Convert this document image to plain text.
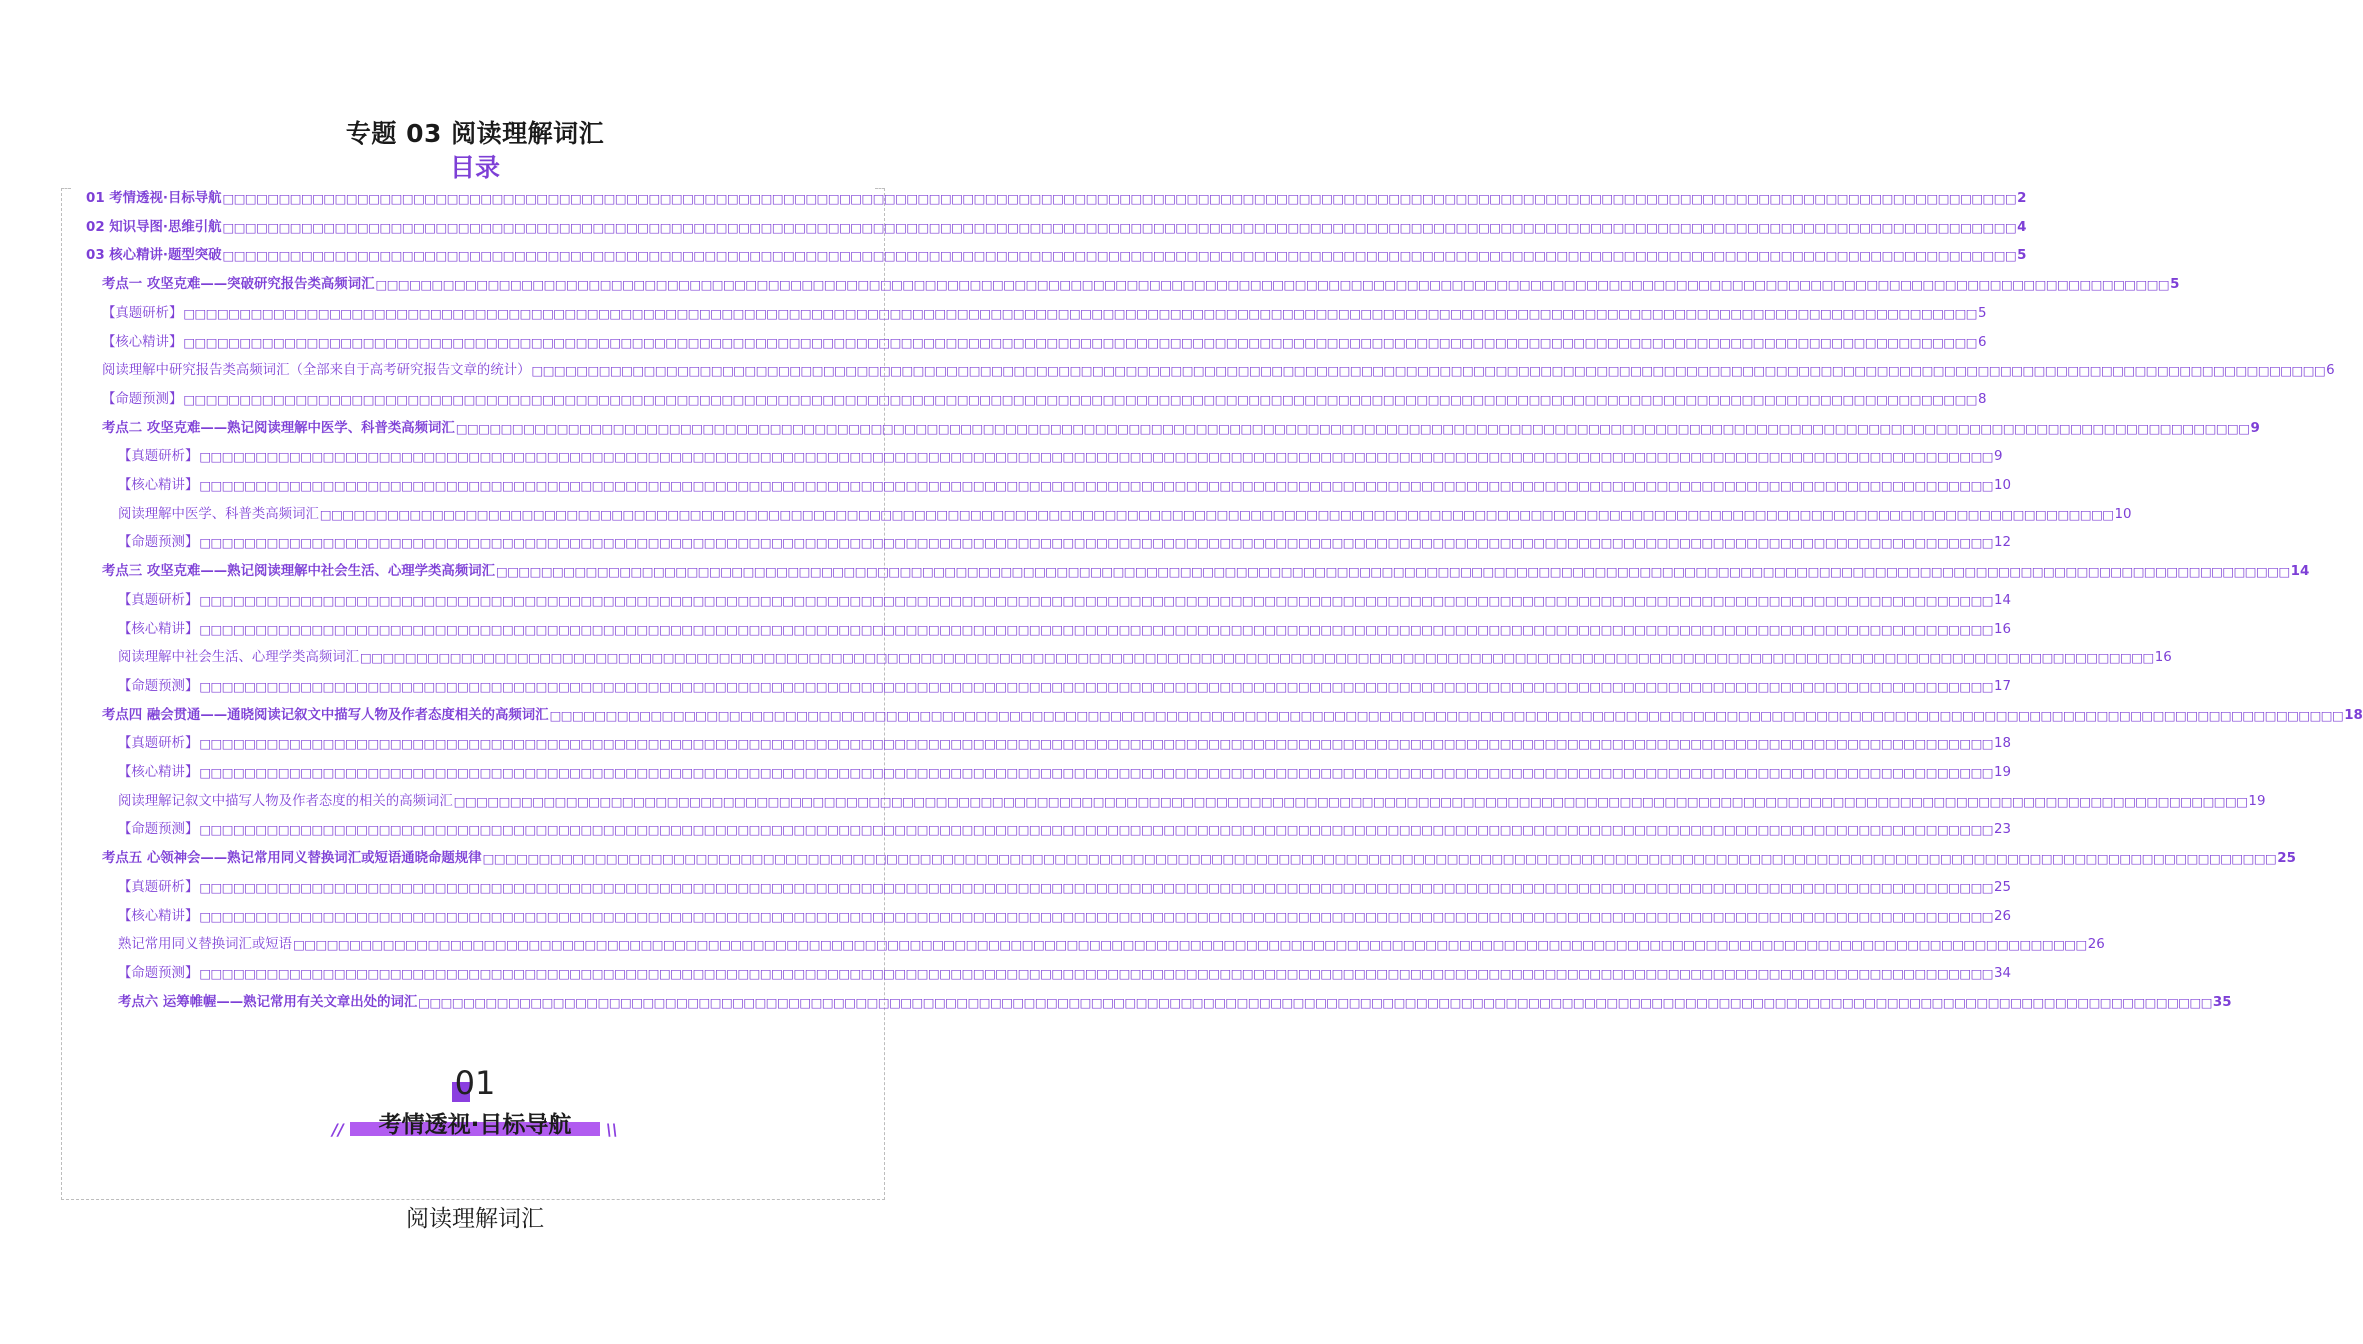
专题 03 阅读理解词汇
目录
01 考情透视·目标导航 □□□□□□□□□□□□□□□□□□□□□□□□□□□□□□□□□□□□□□□□□□□□□□□□□□□□□□□□□□□□□□□□□□□□□□□□□□□□□□□□□□□□□□□□□□□□□□□□□□□□□□□□□□□□□□□□□□□□□□□□□□□□□□□□□□□□□□□□□□□□□□□□□□□□□□□□□□□□□□□□ 2
02 知识导图·思维引航 □□□□□□□□□□□□□□□□□□□□□□□□□□□□□□□□□□□□□□□□□□□□□□□□□□□□□□□□□□□□□□□□□□□□□□□□□□□□□□□□□□□□□□□□□□□□□□□□□□□□□□□□□□□□□□□□□□□□□□□□□□□□□□□□□□□□□□□□□□□□□□□□□□□□□□□□□□□□□□□□ 4
03 核心精讲·题型突破 □□□□□□□□□□□□□□□□□□□□□□□□□□□□□□□□□□□□□□□□□□□□□□□□□□□□□□□□□□□□□□□□□□□□□□□□□□□□□□□□□□□□□□□□□□□□□□□□□□□□□□□□□□□□□□□□□□□□□□□□□□□□□□□□□□□□□□□□□□□□□□□□□□□□□□□□□□□□□□□□ 5
考点一 攻坚克难——突破研究报告类高频词汇 □□□□□□□□□□□□□□□□□□□□□□□□□□□□□□□□□□□□□□□□□□□□□□□□□□□□□□□□□□□□□□□□□□□□□□□□□□□□□□□□□□□□□□□□□□□□□□□□□□□□□□□□□□□□□□□□□□□□□□□□□□□□□□□□□□□□□□□□□□□□□□□□□□□□□□□□□□□□□□□□ 5
【真题研析】 □□□□□□□□□□□□□□□□□□□□□□□□□□□□□□□□□□□□□□□□□□□□□□□□□□□□□□□□□□□□□□□□□□□□□□□□□□□□□□□□□□□□□□□□□□□□□□□□□□□□□□□□□□□□□□□□□□□□□□□□□□□□□□□□□□□□□□□□□□□□□□□□□□□□□□□□□□□□□□□□ 5
【核心精讲】 □□□□□□□□□□□□□□□□□□□□□□□□□□□□□□□□□□□□□□□□□□□□□□□□□□□□□□□□□□□□□□□□□□□□□□□□□□□□□□□□□□□□□□□□□□□□□□□□□□□□□□□□□□□□□□□□□□□□□□□□□□□□□□□□□□□□□□□□□□□□□□□□□□□□□□□□□□□□□□□□ 6
阅读理解中研究报告类高频词汇（全部来自于高考研究报告文章的统计） □□□□□□□□□□□□□□□□□□□□□□□□□□□□□□□□□□□□□□□□□□□□□□□□□□□□□□□□□□□□□□□□□□□□□□□□□□□□□□□□□□□□□□□□□□□□□□□□□□□□□□□□□□□□□□□□□□□□□□□□□□□□□□□□□□□□□□□□□□□□□□□□□□□□□□□□□□□□□□□□ 6
【命题预测】 □□□□□□□□□□□□□□□□□□□□□□□□□□□□□□□□□□□□□□□□□□□□□□□□□□□□□□□□□□□□□□□□□□□□□□□□□□□□□□□□□□□□□□□□□□□□□□□□□□□□□□□□□□□□□□□□□□□□□□□□□□□□□□□□□□□□□□□□□□□□□□□□□□□□□□□□□□□□□□□□ 8
考点二 攻坚克难——熟记阅读理解中医学、科普类高频词汇 □□□□□□□□□□□□□□□□□□□□□□□□□□□□□□□□□□□□□□□□□□□□□□□□□□□□□□□□□□□□□□□□□□□□□□□□□□□□□□□□□□□□□□□□□□□□□□□□□□□□□□□□□□□□□□□□□□□□□□□□□□□□□□□□□□□□□□□□□□□□□□□□□□□□□□□□□□□□□□□□ 9
【真题研析】 □□□□□□□□□□□□□□□□□□□□□□□□□□□□□□□□□□□□□□□□□□□□□□□□□□□□□□□□□□□□□□□□□□□□□□□□□□□□□□□□□□□□□□□□□□□□□□□□□□□□□□□□□□□□□□□□□□□□□□□□□□□□□□□□□□□□□□□□□□□□□□□□□□□□□□□□□□□□□□□□ 9
【核心精讲】 □□□□□□□□□□□□□□□□□□□□□□□□□□□□□□□□□□□□□□□□□□□□□□□□□□□□□□□□□□□□□□□□□□□□□□□□□□□□□□□□□□□□□□□□□□□□□□□□□□□□□□□□□□□□□□□□□□□□□□□□□□□□□□□□□□□□□□□□□□□□□□□□□□□□□□□□□□□□□□□□ 10
阅读理解中医学、科普类高频词汇 □□□□□□□□□□□□□□□□□□□□□□□□□□□□□□□□□□□□□□□□□□□□□□□□□□□□□□□□□□□□□□□□□□□□□□□□□□□□□□□□□□□□□□□□□□□□□□□□□□□□□□□□□□□□□□□□□□□□□□□□□□□□□□□□□□□□□□□□□□□□□□□□□□□□□□□□□□□□□□□□ 10
【命题预测】 □□□□□□□□□□□□□□□□□□□□□□□□□□□□□□□□□□□□□□□□□□□□□□□□□□□□□□□□□□□□□□□□□□□□□□□□□□□□□□□□□□□□□□□□□□□□□□□□□□□□□□□□□□□□□□□□□□□□□□□□□□□□□□□□□□□□□□□□□□□□□□□□□□□□□□□□□□□□□□□□ 12
考点三 攻坚克难——熟记阅读理解中社会生活、心理学类高频词汇 □□□□□□□□□□□□□□□□□□□□□□□□□□□□□□□□□□□□□□□□□□□□□□□□□□□□□□□□□□□□□□□□□□□□□□□□□□□□□□□□□□□□□□□□□□□□□□□□□□□□□□□□□□□□□□□□□□□□□□□□□□□□□□□□□□□□□□□□□□□□□□□□□□□□□□□□□□□□□□□□ 14
【真题研析】 □□□□□□□□□□□□□□□□□□□□□□□□□□□□□□□□□□□□□□□□□□□□□□□□□□□□□□□□□□□□□□□□□□□□□□□□□□□□□□□□□□□□□□□□□□□□□□□□□□□□□□□□□□□□□□□□□□□□□□□□□□□□□□□□□□□□□□□□□□□□□□□□□□□□□□□□□□□□□□□□ 14
【核心精讲】 □□□□□□□□□□□□□□□□□□□□□□□□□□□□□□□□□□□□□□□□□□□□□□□□□□□□□□□□□□□□□□□□□□□□□□□□□□□□□□□□□□□□□□□□□□□□□□□□□□□□□□□□□□□□□□□□□□□□□□□□□□□□□□□□□□□□□□□□□□□□□□□□□□□□□□□□□□□□□□□□ 16
阅读理解中社会生活、心理学类高频词汇 □□□□□□□□□□□□□□□□□□□□□□□□□□□□□□□□□□□□□□□□□□□□□□□□□□□□□□□□□□□□□□□□□□□□□□□□□□□□□□□□□□□□□□□□□□□□□□□□□□□□□□□□□□□□□□□□□□□□□□□□□□□□□□□□□□□□□□□□□□□□□□□□□□□□□□□□□□□□□□□□ 16
【命题预测】 □□□□□□□□□□□□□□□□□□□□□□□□□□□□□□□□□□□□□□□□□□□□□□□□□□□□□□□□□□□□□□□□□□□□□□□□□□□□□□□□□□□□□□□□□□□□□□□□□□□□□□□□□□□□□□□□□□□□□□□□□□□□□□□□□□□□□□□□□□□□□□□□□□□□□□□□□□□□□□□□ 17
考点四 融会贯通——通晓阅读记叙文中描写人物及作者态度相关的高频词汇 □□□□□□□□□□□□□□□□□□□□□□□□□□□□□□□□□□□□□□□□□□□□□□□□□□□□□□□□□□□□□□□□□□□□□□□□□□□□□□□□□□□□□□□□□□□□□□□□□□□□□□□□□□□□□□□□□□□□□□□□□□□□□□□□□□□□□□□□□□□□□□□□□□□□□□□□□□□□□□□□ 18
【真题研析】 □□□□□□□□□□□□□□□□□□□□□□□□□□□□□□□□□□□□□□□□□□□□□□□□□□□□□□□□□□□□□□□□□□□□□□□□□□□□□□□□□□□□□□□□□□□□□□□□□□□□□□□□□□□□□□□□□□□□□□□□□□□□□□□□□□□□□□□□□□□□□□□□□□□□□□□□□□□□□□□□ 18
【核心精讲】 □□□□□□□□□□□□□□□□□□□□□□□□□□□□□□□□□□□□□□□□□□□□□□□□□□□□□□□□□□□□□□□□□□□□□□□□□□□□□□□□□□□□□□□□□□□□□□□□□□□□□□□□□□□□□□□□□□□□□□□□□□□□□□□□□□□□□□□□□□□□□□□□□□□□□□□□□□□□□□□□ 19
阅读理解记叙文中描写人物及作者态度的相关的高频词汇 □□□□□□□□□□□□□□□□□□□□□□□□□□□□□□□□□□□□□□□□□□□□□□□□□□□□□□□□□□□□□□□□□□□□□□□□□□□□□□□□□□□□□□□□□□□□□□□□□□□□□□□□□□□□□□□□□□□□□□□□□□□□□□□□□□□□□□□□□□□□□□□□□□□□□□□□□□□□□□□□ 19
【命题预测】 □□□□□□□□□□□□□□□□□□□□□□□□□□□□□□□□□□□□□□□□□□□□□□□□□□□□□□□□□□□□□□□□□□□□□□□□□□□□□□□□□□□□□□□□□□□□□□□□□□□□□□□□□□□□□□□□□□□□□□□□□□□□□□□□□□□□□□□□□□□□□□□□□□□□□□□□□□□□□□□□ 23
考点五 心领神会——熟记常用同义替换词汇或短语通晓命题规律 □□□□□□□□□□□□□□□□□□□□□□□□□□□□□□□□□□□□□□□□□□□□□□□□□□□□□□□□□□□□□□□□□□□□□□□□□□□□□□□□□□□□□□□□□□□□□□□□□□□□□□□□□□□□□□□□□□□□□□□□□□□□□□□□□□□□□□□□□□□□□□□□□□□□□□□□□□□□□□□□ 25
【真题研析】 □□□□□□□□□□□□□□□□□□□□□□□□□□□□□□□□□□□□□□□□□□□□□□□□□□□□□□□□□□□□□□□□□□□□□□□□□□□□□□□□□□□□□□□□□□□□□□□□□□□□□□□□□□□□□□□□□□□□□□□□□□□□□□□□□□□□□□□□□□□□□□□□□□□□□□□□□□□□□□□□ 25
【核心精讲】 □□□□□□□□□□□□□□□□□□□□□□□□□□□□□□□□□□□□□□□□□□□□□□□□□□□□□□□□□□□□□□□□□□□□□□□□□□□□□□□□□□□□□□□□□□□□□□□□□□□□□□□□□□□□□□□□□□□□□□□□□□□□□□□□□□□□□□□□□□□□□□□□□□□□□□□□□□□□□□□□ 26
熟记常用同义替换词汇或短语 □□□□□□□□□□□□□□□□□□□□□□□□□□□□□□□□□□□□□□□□□□□□□□□□□□□□□□□□□□□□□□□□□□□□□□□□□□□□□□□□□□□□□□□□□□□□□□□□□□□□□□□□□□□□□□□□□□□□□□□□□□□□□□□□□□□□□□□□□□□□□□□□□□□□□□□□□□□□□□□□ 26
【命题预测】 □□□□□□□□□□□□□□□□□□□□□□□□□□□□□□□□□□□□□□□□□□□□□□□□□□□□□□□□□□□□□□□□□□□□□□□□□□□□□□□□□□□□□□□□□□□□□□□□□□□□□□□□□□□□□□□□□□□□□□□□□□□□□□□□□□□□□□□□□□□□□□□□□□□□□□□□□□□□□□□□ 34
考点六 运筹帷幄——熟记常用有关文章出处的词汇 □□□□□□□□□□□□□□□□□□□□□□□□□□□□□□□□□□□□□□□□□□□□□□□□□□□□□□□□□□□□□□□□□□□□□□□□□□□□□□□□□□□□□□□□□□□□□□□□□□□□□□□□□□□□□□□□□□□□□□□□□□□□□□□□□□□□□□□□□□□□□□□□□□□□□□□□□□□□□□□□ 35
01
//	考情透视·目标导航	\\
阅读理解词汇
